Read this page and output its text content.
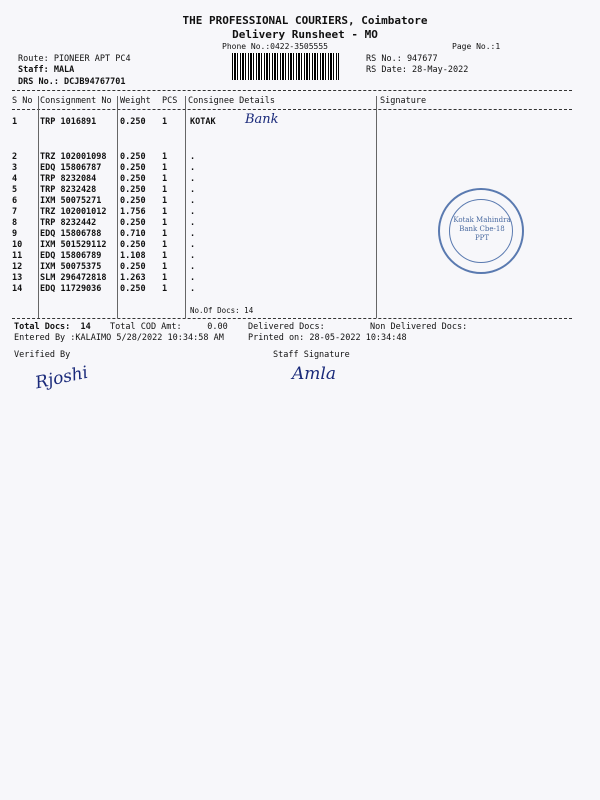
THE PROFESSIONAL COURIERS, Coimbatore
Delivery Runsheet - MO
Phone No.:0422-3505555	Page No.:1
Route: PIONEER APT PC4
Staff: MALA
DRS No.: DCJB94767701
RS No.: 947677
RS Date: 28-May-2022
S No Consignment No Weight PCS Consignee Details	Signature
1	TRP 1016891	0.250 1	KOTAK
2	TRZ 102001098 0.250 1	.
3	EDQ 15806787 0.250 1	.
4	TRP 8232084	0.250 1	.
5	TRP 8232428	0.250 1	.
6	IXM 50075271 0.250 1	.
7	TRZ 102001012 1.756 1	.
8	TRP 8232442	0.250 1	.
9	EDQ 15806788 0.710 1	.
10 IXM 501529112 0.250 1	.
11 EDQ 15806789 1.108 1	.
12 IXM 50075375 0.250 1	.
13 SLM 296472818 1.263 1	.
14 EDQ 11729036 0.250 1	.
Bank
No.Of Docs: 14
Kotak Mahindra Bank Cbe-18 PPT
Total Docs:  14 Total COD Amt:     0.00 Delivered Docs:	Non Delivered Docs:
Entered By :KALAIMO 5/28/2022 10:34:58 AM	Printed on: 28-05-2022 10:34:48
Verified By	Staff Signature
Rjoshi	Amla
